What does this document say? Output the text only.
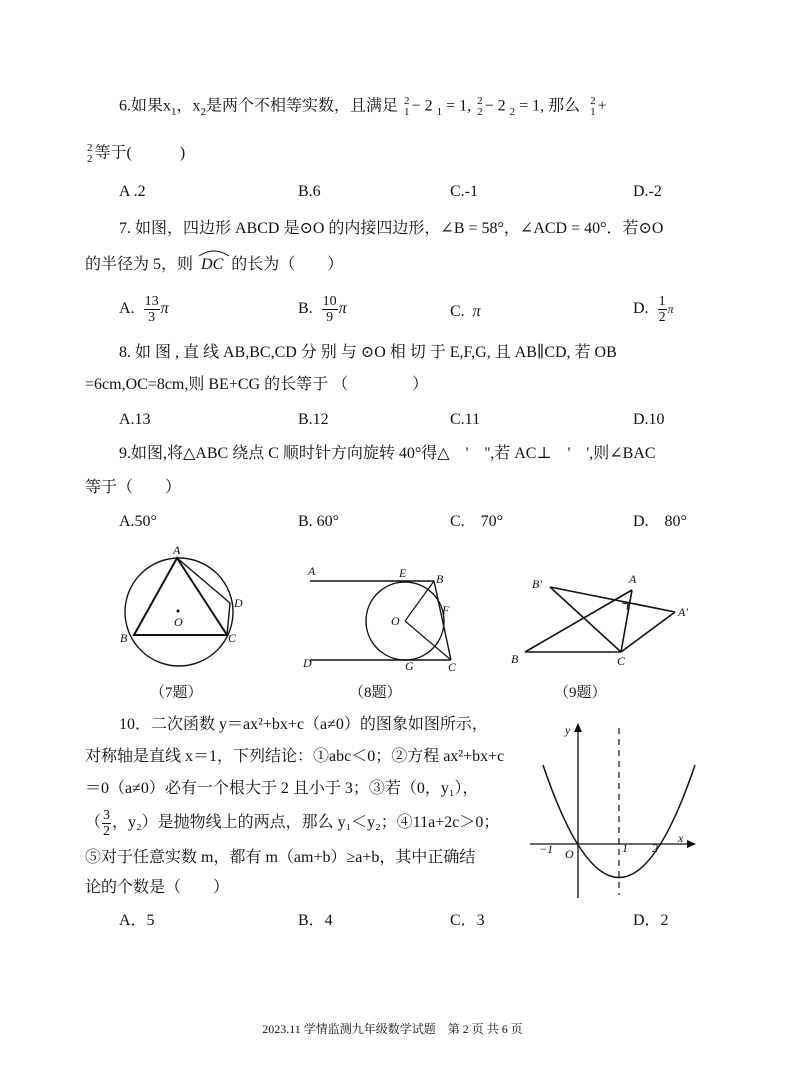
6.如果$x_1$，$x_2$是两个不相等实数，且满足 2
1 − 2 $_1$ = 1, 2
2 − 2 $_2$ = 1, 那么 2
1 +
2
2 等于(　　　)
A .2	B.6	C.-1	D.-2
7. 如图，四边形 ABCD 是⊙O 的内接四边形，∠B = 58°，∠ACD = 40°．若⊙O
的半径为 5，则 DC 的长为（　　）
A. $\frac{13}{3}$ π	B. $\frac{10}{9}$ π	C. π	D. $\frac{1}{2}$ π
8. 如 图 , 直 线 AB,BC,CD 分 别 与 ⊙O 相 切 于 E,F,G, 且 AB∥CD, 若 OB
=6cm,OC=8cm,则 BE+CG 的长等于 （　　　　）
A.13	B.12	C.11	D.10
9.如图,将△ABC 绕点 C 顺时针方向旋转 40°得△　'　'',若 AC⊥　'　',则∠BAC
等于（　　）
A.50°	B. 60°	C.　70°	D.　80°
A
B	C
D
O
（7题）
A	E B
F
O
D	G	C
（8题）
B'	A
A'
B	C
（9题）
10．二次函数 y＝ax²+bx+c（a≠0）的图象如图所示，
对称轴是直线 x＝1，下列结论：①abc＜0；②方程 ax²+bx+c
＝0（a≠0）必有一个根大于 2 且小于 3；③若（0，y₁），
（ $\frac{3}{2}$ ，y₂）是抛物线上的两点，那么 y₁＜y₂；④11a+2c＞0；
⑤对于任意实数 m，都有 m（am+b）≥a+b，其中正确结
论的个数是（　　）
y
x
O
−1	1 2
A．5	B．4	C．3	D．2
2023.11 学情监测九年级数学试题　第 2 页 共 6 页
